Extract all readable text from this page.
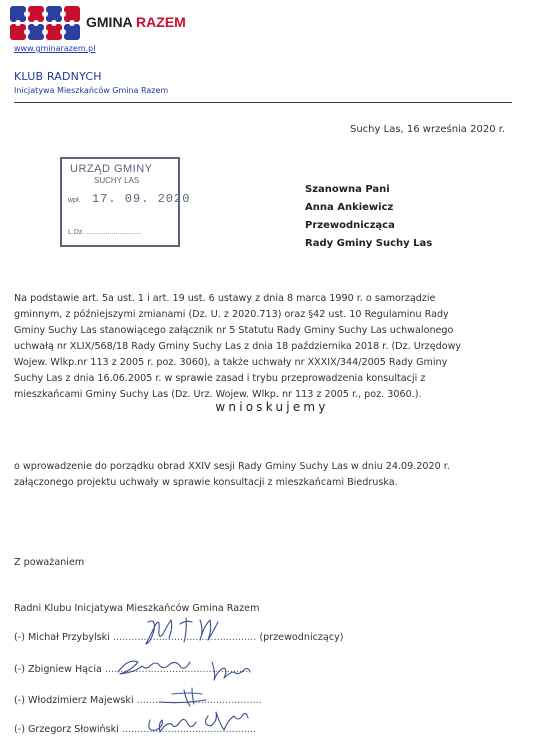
GMINA RAZEM
www.gminarazem.pl
KLUB RADNYCH
Inicjatywa Mieszkańców Gmina Razem
Suchy Las, 16 września 2020 r.
URZĄD GMINY
SUCHY LAS
wpł. 17. 09. 2020
L.Dz. ............................
Szanowna Pani
Anna Ankiewicz
Przewodnicząca
Rady Gminy Suchy Las
Na podstawie art. 5a ust. 1 i art. 19 ust. 6 ustawy z dnia 8 marca 1990 r. o samorządzie
gminnym, z późniejszymi zmianami (Dz. U. z 2020.713) oraz §42 ust. 10 Regulaminu Rady
Gminy Suchy Las stanowiącego załącznik nr 5 Statutu Rady Gminy Suchy Las uchwalonego
uchwałą nr XLIX/568/18 Rady Gminy Suchy Las z dnia 18 października 2018 r. (Dz. Urzędowy
Wojew. Wlkp.nr 113 z 2005 r. poz. 3060), a także uchwały nr XXXIX/344/2005 Rady Gminy
Suchy Las z dnia 16.06.2005 r. w sprawie zasad i trybu przeprowadzenia konsultacji z
mieszkańcami Gminy Suchy Las (Dz. Urz. Wojew. Wlkp. nr 113 z 2005 r., poz. 3060.).
wnioskujemy
o wprowadzenie do porządku obrad XXIV sesji Rady Gminy Suchy Las w dniu 24.09.2020 r.
załączonego projektu uchwały w sprawie konsultacji z mieszkańcami Biedruska.
Z poważaniem
Radni Klubu Inicjatywa Mieszkańców Gmina Razem
(-) Michał Przybylski ............................................... (przewodniczący)
(-) Zbigniew Hącia ...............................................
(-) Włodzimierz Majewski .........................................
(-) Grzegorz Słowiński ............................................
